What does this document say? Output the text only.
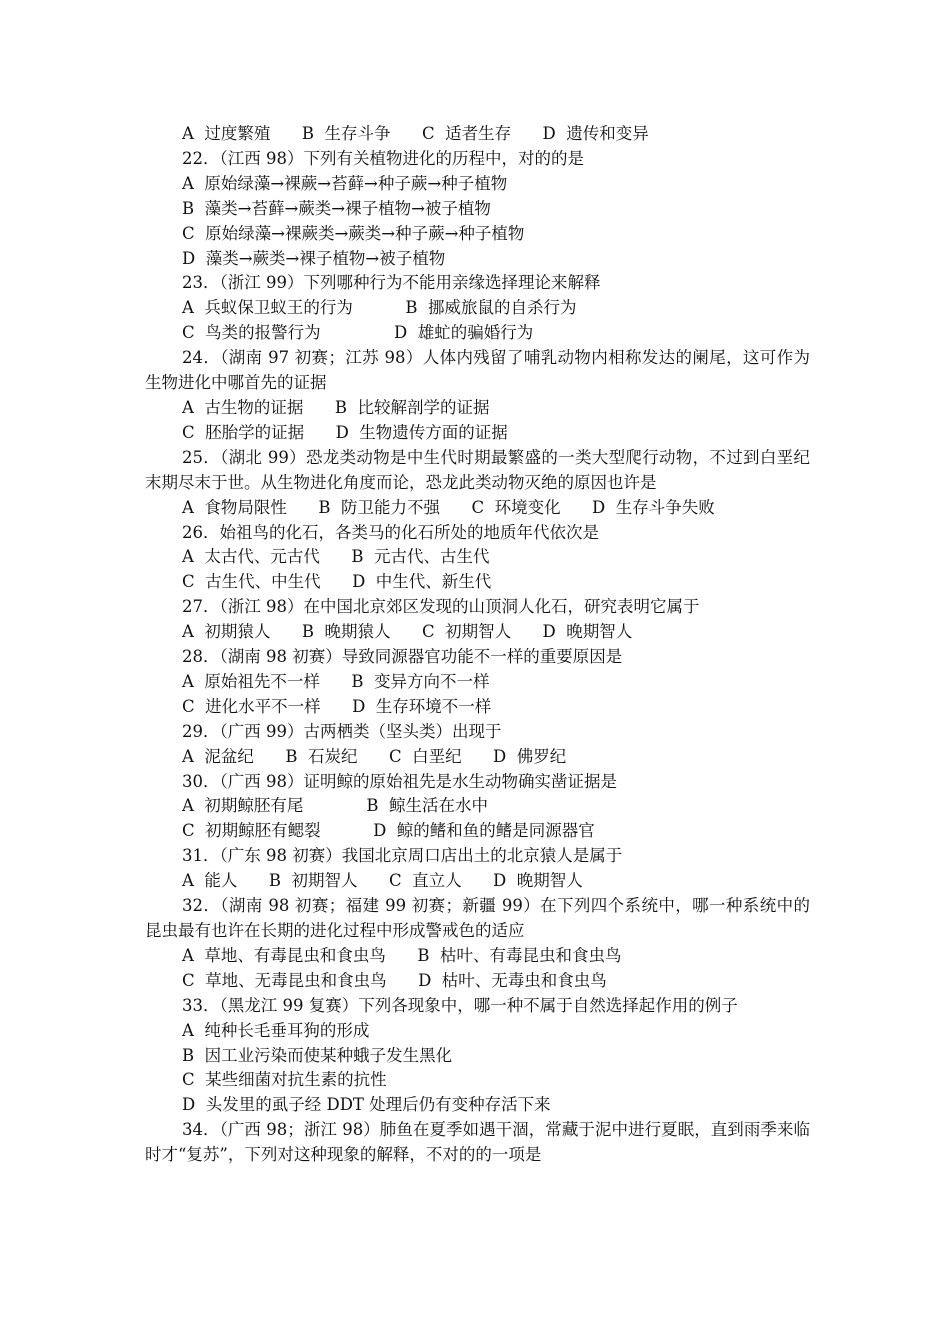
A  过度繁殖      B  生存斗争      C  适者生存      D  遗传和变异
22．（江西 98）下列有关植物进化的历程中，对的的是
A  原始绿藻→裸蕨→苔藓→种子蕨→种子植物
B  藻类→苔藓→蕨类→裸子植物→被子植物
C  原始绿藻→裸蕨类→蕨类→种子蕨→种子植物
D  藻类→蕨类→裸子植物→被子植物
23．（浙江 99）下列哪种行为不能用亲缘选择理论来解释
A  兵蚁保卫蚁王的行为          B  挪威旅鼠的自杀行为
C  鸟类的报警行为              D  雄虻的骗婚行为
24．（湖南 97 初赛；江苏 98）人体内残留了哺乳动物内相称发达的阑尾，这可作为生物进化中哪首先的证据
A  古生物的证据      B  比较解剖学的证据
C  胚胎学的证据      D  生物遗传方面的证据
25．（湖北 99）恐龙类动物是中生代时期最繁盛的一类大型爬行动物，不过到白垩纪末期尽末于世。从生物进化角度而论，恐龙此类动物灭绝的原因也许是
A  食物局限性      B  防卫能力不强      C  环境变化      D  生存斗争失败
26．始祖鸟的化石，各类马的化石所处的地质年代依次是
A  太古代、元古代      B  元古代、古生代
C  古生代、中生代      D  中生代、新生代
27．（浙江 98）在中国北京郊区发现的山顶洞人化石，研究表明它属于
A  初期猿人      B  晚期猿人      C  初期智人      D  晚期智人
28．（湖南 98 初赛）导致同源器官功能不一样的重要原因是
A  原始祖先不一样      B  变异方向不一样
C  进化水平不一样      D  生存环境不一样
29．（广西 99）古两栖类（坚头类）出现于
A  泥盆纪      B  石炭纪      C  白垩纪      D  佛罗纪
30．（广西 98）证明鲸的原始祖先是水生动物确实凿证据是
A  初期鲸胚有尾            B  鲸生活在水中
C  初期鲸胚有鳃裂          D  鲸的鳍和鱼的鳍是同源器官
31．（广东 98 初赛）我国北京周口店出土的北京猿人是属于
A  能人      B  初期智人      C  直立人      D  晚期智人
32．（湖南 98 初赛；福建 99 初赛；新疆 99）在下列四个系统中，哪一种系统中的昆虫最有也许在长期的进化过程中形成警戒色的适应
A  草地、有毒昆虫和食虫鸟      B  枯叶、有毒昆虫和食虫鸟
C  草地、无毒昆虫和食虫鸟      D  枯叶、无毒虫和食虫鸟
33．（黑龙江 99 复赛）下列各现象中，哪一种不属于自然选择起作用的例子
A  纯种长毛垂耳狗的形成
B  因工业污染而使某种蛾子发生黑化
C  某些细菌对抗生素的抗性
D  头发里的虱子经 DDT 处理后仍有变种存活下来
34．（广西 98；浙江 98）肺鱼在夏季如遇干涸，常藏于泥中进行夏眠，直到雨季来临时才“复苏”，下列对这种现象的解释，不对的的一项是
